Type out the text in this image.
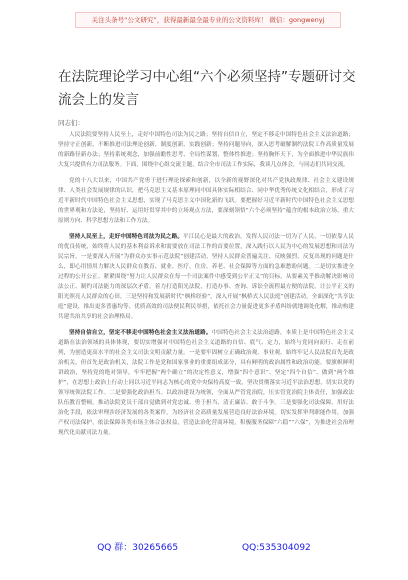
关注头条号“公文研究”，获得最新最全最专业的公文资料库！ 微信：gongwenyj
在法院理论学习中心组“六个必须坚持”专题研讨交流会上的发言
同志们：

人民法院要坚持人民至上，走好中国特色司法为民之路；坚持自信自立，坚定不移走中国特色社会主义法治道路；坚持守正创新，不断推进司法理论创新、制度创新、实践创新；坚持问题导向，深入思考破解制约法院工作高质量发展的新路径新办法；坚持系统观念，加强前瞻性思考、全局性谋划、整体性推进；坚持胸怀天下，为全面推进中华民族伟大复兴提供有力司法服务。下面，围绕中心组交流主题，结合全市司法工作实际，我谈几点体会，与同志们共同交流。

党的十八大以来，中国共产党勇于进行理论探索和创新，以全新的视野深化对共产党执政规律、社会主义建设规律、人类社会发展规律的认识，把马克思主义基本原理同中国具体实际相结合、同中华优秀传统文化相结合，形成了习近平新时代中国特色社会主义思想，实现了马克思主义中国化新的飞跃。要把握好习近平新时代中国特色社会主义思想的世界观和方法论，坚持好、运用好贯穿其中的立场观点方法，要深刻领悟“六个必须坚持”蕴含的根本政治立场、重大原则方向、科学思想方法和工作方法。

坚持人民至上，走好中国特色司法为民之路。平江民心是最大的政治。发挥人民司法一切为了人民、一切依靠人民的优良传统，始终将人民的基本利益诉求和需要放在司法工作的首要位置，深入践行以人民为中心的发展思想和司法为民宗旨。一是要深入开展“为群众办实事示范法院”创建活动，坚持人民群众普遍关注、反映强烈、反复出现的问题是什么，即心用情用力解决人民群众在教育、就业、医疗、住房、养老、社会保障等方面的急难愁盼问题。二是切实推进全过程的公开公正。紧紧围绕“努力让人民群众在每一个司法案件中感受到公平正义”的目标，从要素关乎推动解决影响司法公正、制约司法能力的深层次矛盾，着力打造阳光法院，打造办事、查询、诉讼全流程最方便的法院。让公平正义的阳光照亮人民群众的心田。三是坚持和发展新时代“枫桥经验”，深入开展“枫桥式人民法庭”创建活动，全面深化“共享法庭”建设，推出更多普惠均等、优质高效的司法便民利民举措，依托社会力量促进更多矛盾纠纷就地调处化解，推动构建共建共治共享的社会治理格局。

坚持自信自立，坚定不移走中国特色社会主义法治道路。中国特色社会主义法治道路，本质上是中国特色社会主义道路在法治领域的具体体现，要切实增强对中国特色社会主义道路的自信、底气、定力，始终与党同向而行、走在前列，为创造更高水平的社会主义司法文明贡献力量。一是要牢固树立正确政治观、事业观。始终牢记人民法院首先是政治机关，但首先是政治机关，法院工作是党和国家事业的重要组成部分，具有鲜明的政治属性和政治功能。要旗帜鲜明讲政治，坚持党的绝对领导，牢牢把握“两个确立”的决定性意义，增强“四个意识”、坚定“四个自信”、做到“两个维护”，在思想上政治上行动上同以习近平同志为核心的党中央保持高度一致，坚决贯彻落实习近平法治思想，切实以党的领导统领法院工作。二是要强化政治担当。以政治建设为统领，全面从严管党治院，压实管党治院主体责任，加强政法队伍教育整顿，推动法院党员干部自觉做到对党忠诚、勇于担当、清正廉洁、敢于斗争。三是要强化司法保障。用好法治化手段，依法审理涉经济发展的各类案件，为经济社会高质量发展营造良好法治环境。切实发挥审判职能作用，加强产权司法保护，依法保障各类市场主体合法权益，营造法治化营商环境，积极服务保障“六稳”“六保”，为推进社会治理现代化贡献司法力量。

QQ 群：30265665	QQ:535304092
